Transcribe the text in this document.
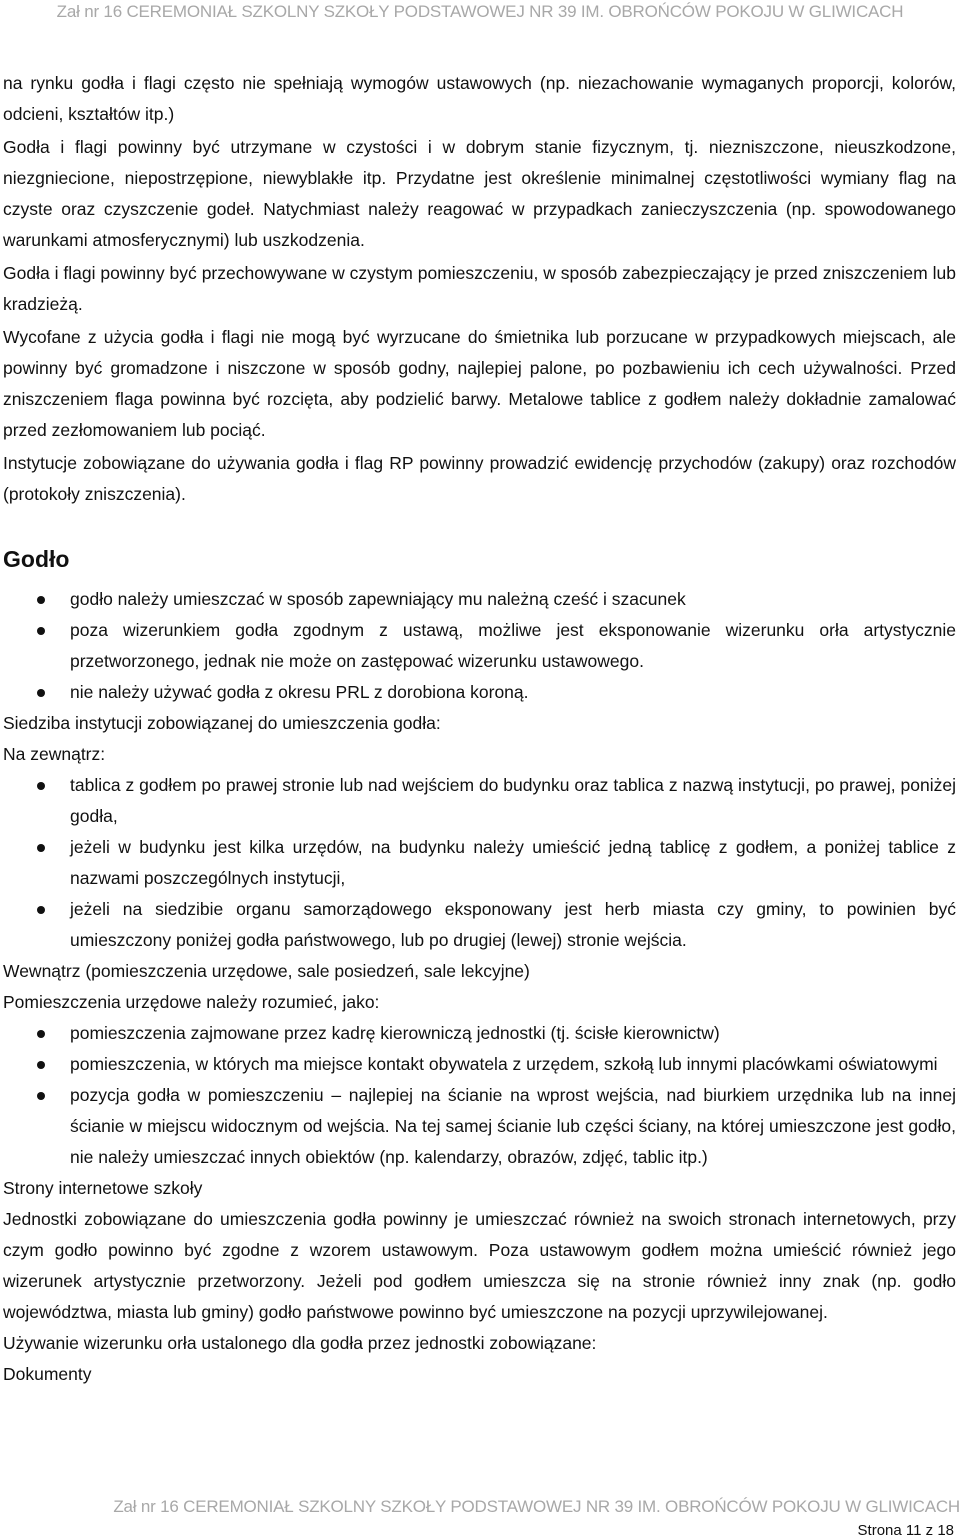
Zał nr 16 CEREMONIAŁ SZKOLNY SZKOŁY PODSTAWOWEJ NR 39 IM. OBROŃCÓW POKOJU W GLIWICACH

na rynku godła i flagi często nie spełniają wymogów ustawowych (np. niezachowanie wymaganych proporcji, kolorów, odcieni, kształtów itp.)

Godła i flagi powinny być utrzymane w czystości i w dobrym stanie fizycznym, tj. niezniszczone, nieuszkodzone, niezgniecione, niepostrzępione, niewyblakłe itp. Przydatne jest określenie minimalnej częstotliwości wymiany flag na czyste oraz czyszczenie godeł. Natychmiast należy reagować w przypadkach zanieczyszczenia (np. spowodowanego warunkami atmosferycznymi) lub uszkodzenia.

Godła i flagi powinny być przechowywane w czystym pomieszczeniu, w sposób zabezpieczający je przed zniszczeniem lub kradzieżą.

Wycofane z użycia godła i flagi nie mogą być wyrzucane do śmietnika lub porzucane w przypadkowych miejscach, ale powinny być gromadzone i niszczone w sposób godny, najlepiej palone, po pozbawieniu ich cech używalności. Przed zniszczeniem flaga powinna być rozcięta, aby podzielić barwy. Metalowe tablice z godłem należy dokładnie zamalować przed zezłomowaniem lub pociąć.

Instytucje zobowiązane do używania godła i flag RP powinny prowadzić ewidencję przychodów (zakupy) oraz rozchodów (protokoły zniszczenia).

Godło
godło należy umieszczać w sposób zapewniający mu należną cześć i szacunek
poza wizerunkiem godła zgodnym z ustawą, możliwe jest eksponowanie wizerunku orła artystycznie przetworzonego, jednak nie może on zastępować wizerunku ustawowego.
nie należy używać godła z okresu PRL z dorobiona koroną.

Siedziba instytucji zobowiązanej do umieszczenia godła:

Na zewnątrz:

tablica z godłem po prawej stronie lub nad wejściem do budynku oraz tablica z nazwą instytucji, po prawej, poniżej godła,
jeżeli w budynku jest kilka urzędów, na budynku należy umieścić jedną tablicę z godłem, a poniżej tablice z nazwami poszczególnych instytucji,
jeżeli na siedzibie organu samorządowego eksponowany jest herb miasta czy gminy, to powinien być umieszczony poniżej godła państwowego, lub po drugiej (lewej) stronie wejścia.

Wewnątrz (pomieszczenia urzędowe, sale posiedzeń, sale lekcyjne)

Pomieszczenia urzędowe należy rozumieć, jako:

pomieszczenia zajmowane przez kadrę kierowniczą jednostki (tj. ścisłe kierownictw)
pomieszczenia, w których ma miejsce kontakt obywatela z urzędem, szkołą lub innymi placówkami oświatowymi
pozycja godła w pomieszczeniu – najlepiej na ścianie na wprost wejścia, nad biurkiem urzędnika lub na innej ścianie w miejscu widocznym od wejścia. Na tej samej ścianie lub części ściany, na której umieszczone jest godło, nie należy umieszczać innych obiektów (np. kalendarzy, obrazów, zdjęć, tablic itp.)

Strony internetowe szkoły

Jednostki zobowiązane do umieszczenia godła powinny je umieszczać również na swoich stronach internetowych, przy czym godło powinno być zgodne z wzorem ustawowym. Poza ustawowym godłem można umieścić również jego wizerunek artystycznie przetworzony. Jeżeli pod godłem umieszcza się na stronie również inny znak (np. godło województwa, miasta lub gminy) godło państwowe powinno być umieszczone na pozycji uprzywilejowanej.

Używanie wizerunku orła ustalonego dla godła przez jednostki zobowiązane:

Dokumenty

Zał nr 16 CEREMONIAŁ SZKOLNY SZKOŁY PODSTAWOWEJ NR 39 IM. OBROŃCÓW POKOJU W GLIWICACH
Strona 11 z 18
